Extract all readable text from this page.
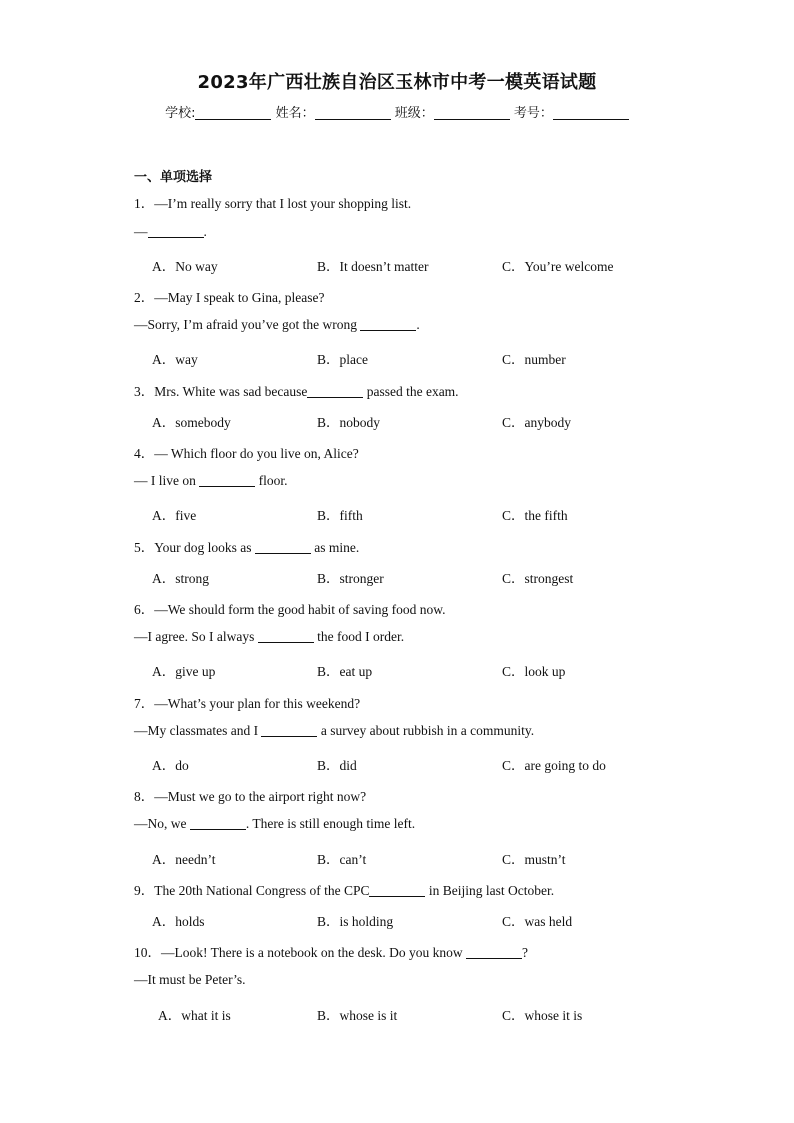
2023年广西壮族自治区玉林市中考一模英语试题
学校:	姓名：	班级：	考号：
一、单项选择
1．—I’m really sorry that I lost your shopping list.
—	.
A．No way	B．It doesn’t matter	C．You’re welcome
2．—May I speak to Gina, please?
—Sorry, I’m afraid you’ve got the wrong	.
A．way	B．place	C．number
3．Mrs. White was sad because	passed the exam.
A．somebody	B．nobody	C．anybody
4．— Which floor do you live on, Alice?
— I live on	floor.
A．five	B．fifth	C．the fifth
5．Your dog looks as	as mine.
A．strong	B．stronger	C．strongest
6．—We should form the good habit of saving food now.
—I agree. So I always	the food I order.
A．give up	B．eat up	C．look up
7．—What’s your plan for this weekend?
—My classmates and I	a survey about rubbish in a community.
A．do	B．did	C．are going to do
8．—Must we go to the airport right now?
—No, we	. There is still enough time left.
A．needn’t	B．can’t	C．mustn’t
9．The 20th National Congress of the CPC	in Beijing last October.
A．holds	B．is holding	C．was held
10．—Look! There is a notebook on the desk. Do you know	?
—It must be Peter’s.
A．what it is	B．whose is it	C．whose it is
